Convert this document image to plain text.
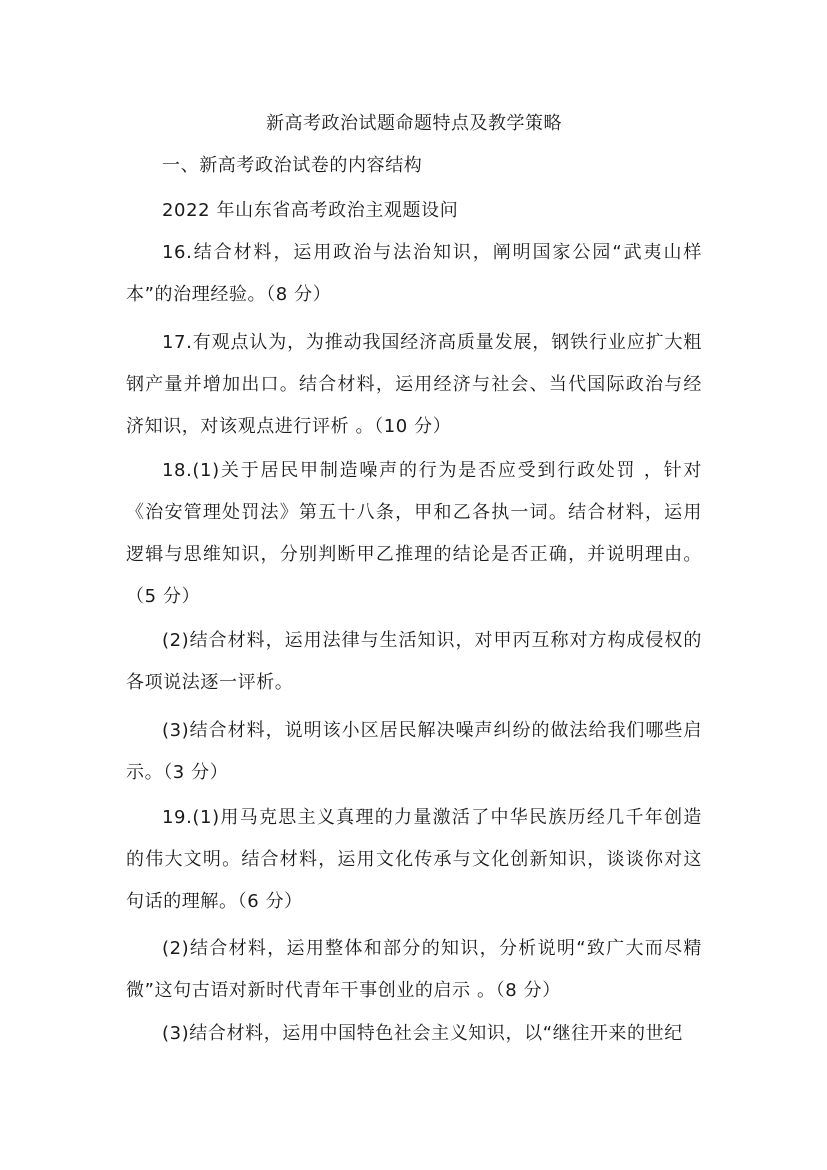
新高考政治试题命题特点及教学策略
一、新高考政治试卷的内容结构
2022 年山东省高考政治主观题设问
16.结合材料，运用政治与法治知识，阐明国家公园“武夷山样本”的治理经验。（8 分）
17.有观点认为，为推动我国经济高质量发展，钢铁行业应扩大粗钢产量并增加出口。结合材料，运用经济与社会、当代国际政治与经济知识，对该观点进行评析 。（10 分）
18.(1)关于居民甲制造噪声的行为是否应受到行政处罚 ，针对《治安管理处罚法》第五十八条，甲和乙各执一词。结合材料，运用逻辑与思维知识，分别判断甲乙推理的结论是否正确，并说明理由。（5 分）
(2)结合材料，运用法律与生活知识，对甲丙互称对方构成侵权的各项说法逐一评析。
(3)结合材料，说明该小区居民解决噪声纠纷的做法给我们哪些启示。（3 分）
19.(1)用马克思主义真理的力量激活了中华民族历经几千年创造的伟大文明。结合材料，运用文化传承与文化创新知识，谈谈你对这句话的理解。（6 分）
(2)结合材料，运用整体和部分的知识，分析说明“致广大而尽精微”这句古语对新时代青年干事创业的启示 。（8 分）
(3)结合材料，运用中国特色社会主义知识，以“继往开来的世纪
